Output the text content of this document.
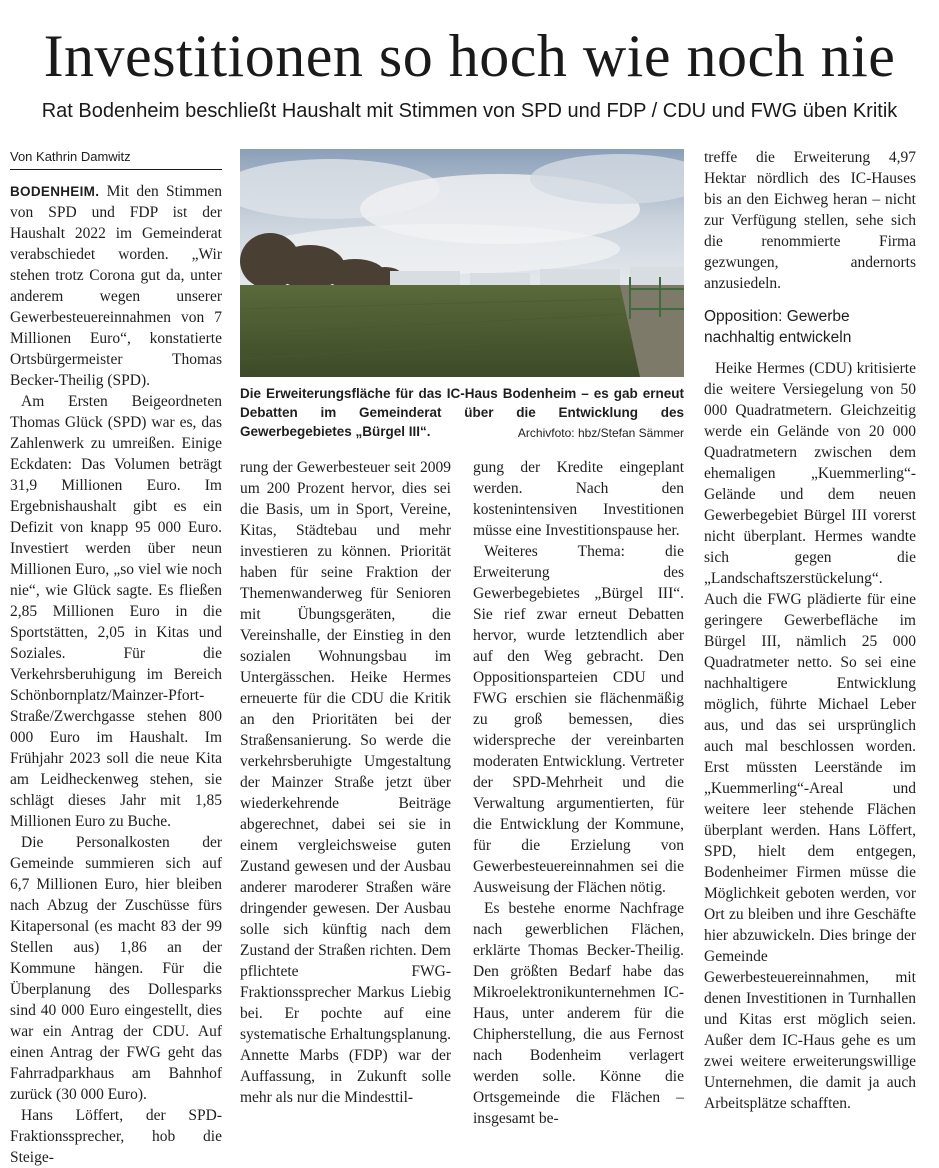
Investitionen so hoch wie noch nie
Rat Bodenheim beschließt Haushalt mit Stimmen von SPD und FDP / CDU und FWG üben Kritik
Von Kathrin Damwitz

BODENHEIM. Mit den Stimmen von SPD und FDP ist der Haushalt 2022 im Gemeinderat verabschiedet worden. „Wir stehen trotz Corona gut da, unter anderem wegen unserer Gewerbesteuereinnahmen von 7 Millionen Euro“, konstatierte Ortsbürgermeister Thomas Becker-Theilig (SPD).

Am Ersten Beigeordneten Thomas Glück (SPD) war es, das Zahlenwerk zu umreißen. Einige Eckdaten: Das Volumen beträgt 31,9 Millionen Euro. Im Ergebnishaushalt gibt es ein Defizit von knapp 95 000 Euro. Investiert werden über neun Millionen Euro, „so viel wie noch nie“, wie Glück sagte. Es fließen 2,85 Millionen Euro in die Sportstätten, 2,05 in Kitas und Soziales. Für die Verkehrsberuhigung im Bereich Schönbornplatz/Mainzer-Pfort-Straße/Zwerchgasse stehen 800 000 Euro im Haushalt. Im Frühjahr 2023 soll die neue Kita am Leidheckenweg stehen, sie schlägt dieses Jahr mit 1,85 Millionen Euro zu Buche.

Die Personalkosten der Gemeinde summieren sich auf 6,7 Millionen Euro, hier bleiben nach Abzug der Zuschüsse fürs Kitapersonal (es macht 83 der 99 Stellen aus) 1,86 an der Kommune hängen. Für die Überplanung des Dollesparks sind 40 000 Euro eingestellt, dies war ein Antrag der CDU. Auf einen Antrag der FWG geht das Fahrradparkhaus am Bahnhof zurück (30 000 Euro).

Hans Löffert, der SPD-Fraktionssprecher, hob die Steige-

Die Erweiterungsfläche für das IC-Haus Bodenheim – es gab erneut Debatten im Gemeinderat über die Entwicklung des Gewerbegebietes „Bürgel III“.	Archivfoto: hbz/Stefan Sämmer

rung der Gewerbesteuer seit 2009 um 200 Prozent hervor, dies sei die Basis, um in Sport, Vereine, Kitas, Städtebau und mehr investieren zu können. Priorität haben für seine Fraktion der Themenwanderweg für Senioren mit Übungsgeräten, die Vereinshalle, der Einstieg in den sozialen Wohnungsbau im Untergässchen. Heike Hermes erneuerte für die CDU die Kritik an den Prioritäten bei der Straßensanierung. So werde die verkehrsberuhigte Umgestaltung der Mainzer Straße jetzt über wiederkehrende Beiträge abgerechnet, dabei sei sie in einem vergleichsweise guten Zustand gewesen und der Ausbau anderer maroderer Straßen wäre dringender gewesen. Der Ausbau solle sich künftig nach dem Zustand der Straßen richten. Dem pflichtete FWG-Fraktionssprecher Markus Liebig bei. Er pochte auf eine systematische Erhaltungsplanung. Annette Marbs (FDP) war der Auffassung, in Zukunft solle mehr als nur die Mindesttil-

gung der Kredite eingeplant werden. Nach den kostenintensiven Investitionen müsse eine Investitionspause her.

Weiteres Thema: die Erweiterung des Gewerbegebietes „Bürgel III“. Sie rief zwar erneut Debatten hervor, wurde letztendlich aber auf den Weg gebracht. Den Oppositionsparteien CDU und FWG erschien sie flächenmäßig zu groß bemessen, dies widerspreche der vereinbarten moderaten Entwicklung. Vertreter der SPD-Mehrheit und die Verwaltung argumentierten, für die Entwicklung der Kommune, für die Erzielung von Gewerbesteuereinnahmen sei die Ausweisung der Flächen nötig.

Es bestehe enorme Nachfrage nach gewerblichen Flächen, erklärte Thomas Becker-Theilig. Den größten Bedarf habe das Mikroelektronikunternehmen IC-Haus, unter anderem für die Chipherstellung, die aus Fernost nach Bodenheim verlagert werden solle. Könne die Ortsgemeinde die Flächen – insgesamt be-

treffe die Erweiterung 4,97 Hektar nördlich des IC-Hauses bis an den Eichweg heran – nicht zur Verfügung stellen, sehe sich die renommierte Firma gezwungen, andernorts anzusiedeln.

Opposition: Gewerbe nachhaltig entwickeln

Heike Hermes (CDU) kritisierte die weitere Versiegelung von 50 000 Quadratmetern. Gleichzeitig werde ein Gelände von 20 000 Quadratmetern zwischen dem ehemaligen „Kuemmerling“-Gelände und dem neuen Gewerbegebiet Bürgel III vorerst nicht überplant. Hermes wandte sich gegen die „Landschaftszerstückelung“. Auch die FWG plädierte für eine geringere Gewerbefläche im Bürgel III, nämlich 25 000 Quadratmeter netto. So sei eine nachhaltigere Entwicklung möglich, führte Michael Leber aus, und das sei ursprünglich auch mal beschlossen worden. Erst müssten Leerstände im „Kuemmerling“-Areal und weitere leer stehende Flächen überplant werden. Hans Löffert, SPD, hielt dem entgegen, Bodenheimer Firmen müsse die Möglichkeit geboten werden, vor Ort zu bleiben und ihre Geschäfte hier abzuwickeln. Dies bringe der Gemeinde Gewerbesteuereinnahmen, mit denen Investitionen in Turnhallen und Kitas erst möglich seien. Außer dem IC-Haus gehe es um zwei weitere erweiterungswillige Unternehmen, die damit ja auch Arbeitsplätze schafften.
